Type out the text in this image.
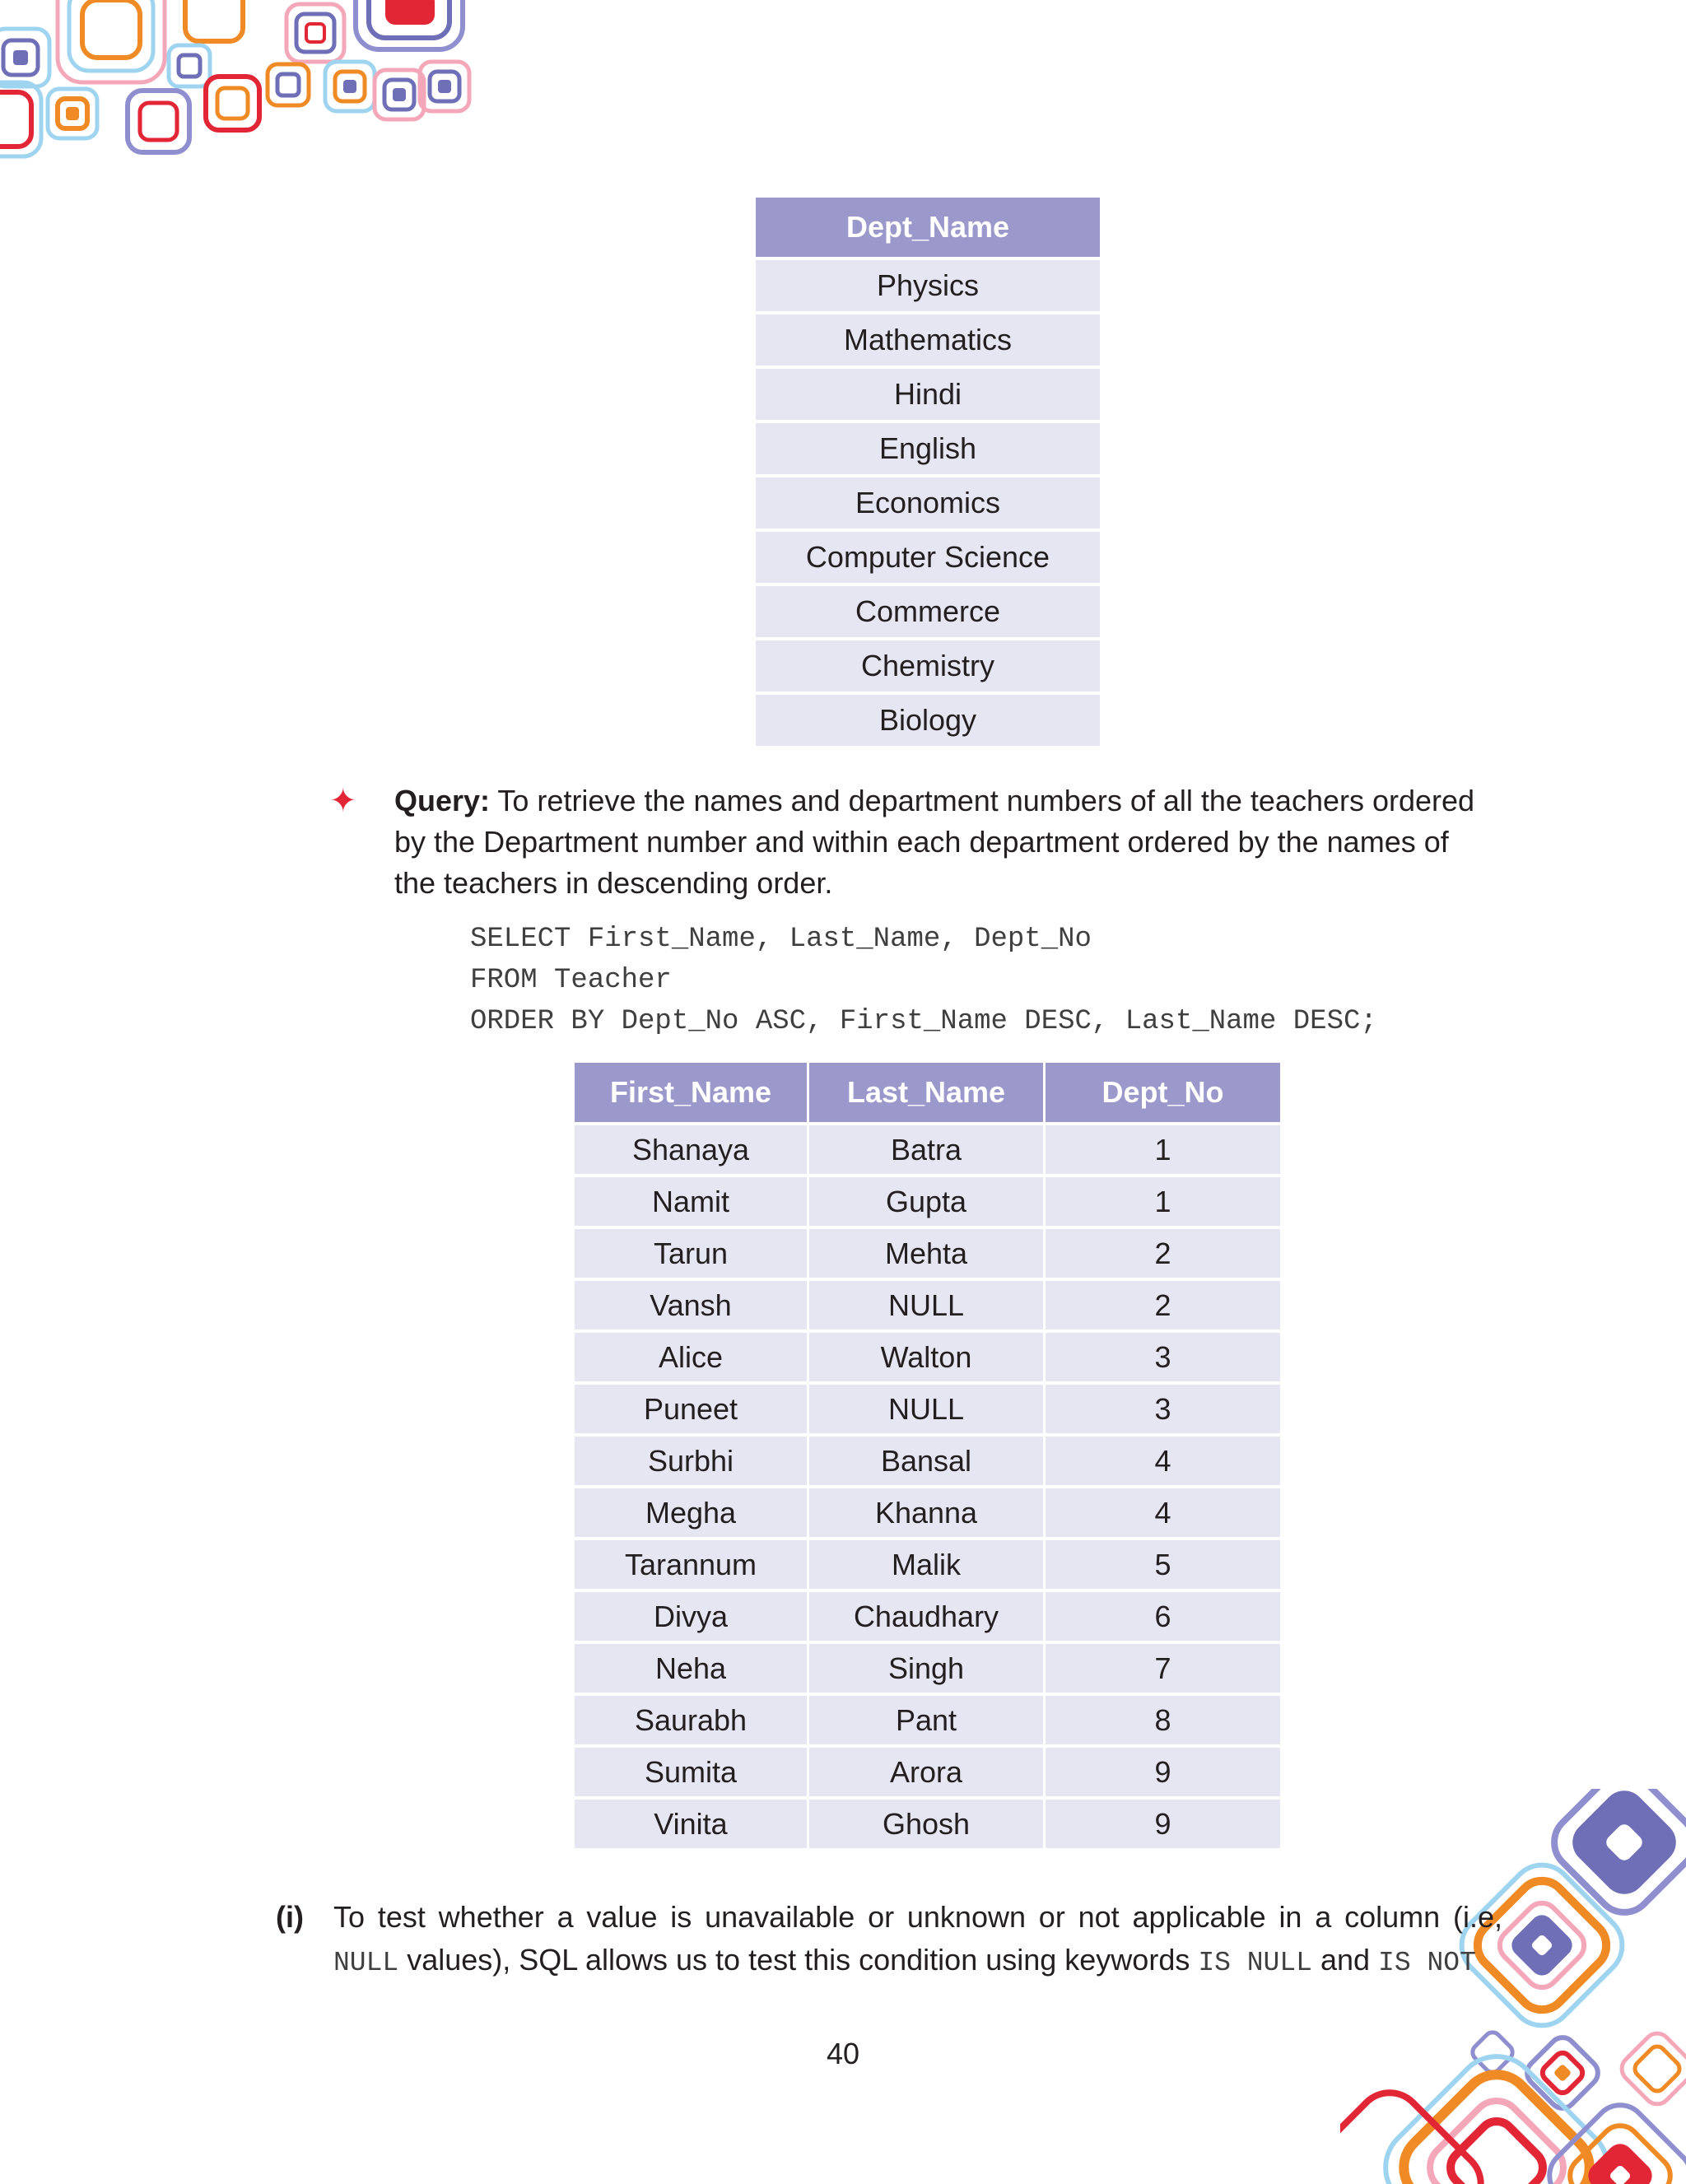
Dept_Name
Physics
Mathematics
Hindi
English
Economics
Computer Science
Commerce
Chemistry
Biology
✦ Query: To retrieve the names and department numbers of all the teachers ordered by the Department number and within each department ordered by the names of the teachers in descending order.
SELECT First_Name, Last_Name, Dept_No
FROM Teacher
ORDER BY Dept_No ASC, First_Name DESC, Last_Name DESC;
First_Name	Last_Name	Dept_No
Shanaya	Batra	1
Namit	Gupta	1
Tarun	Mehta	2
Vansh	NULL	2
Alice	Walton	3
Puneet	NULL	3
Surbhi	Bansal	4
Megha	Khanna	4
Tarannum	Malik	5
Divya	Chaudhary	6
Neha	Singh	7
Saurabh	Pant	8
Sumita	Arora	9
Vinita	Ghosh	9
(i) To test whether a value is unavailable or unknown or not applicable in a column (i.e, NULL values), SQL allows us to test this condition using keywords IS NULL and IS NOT
40
